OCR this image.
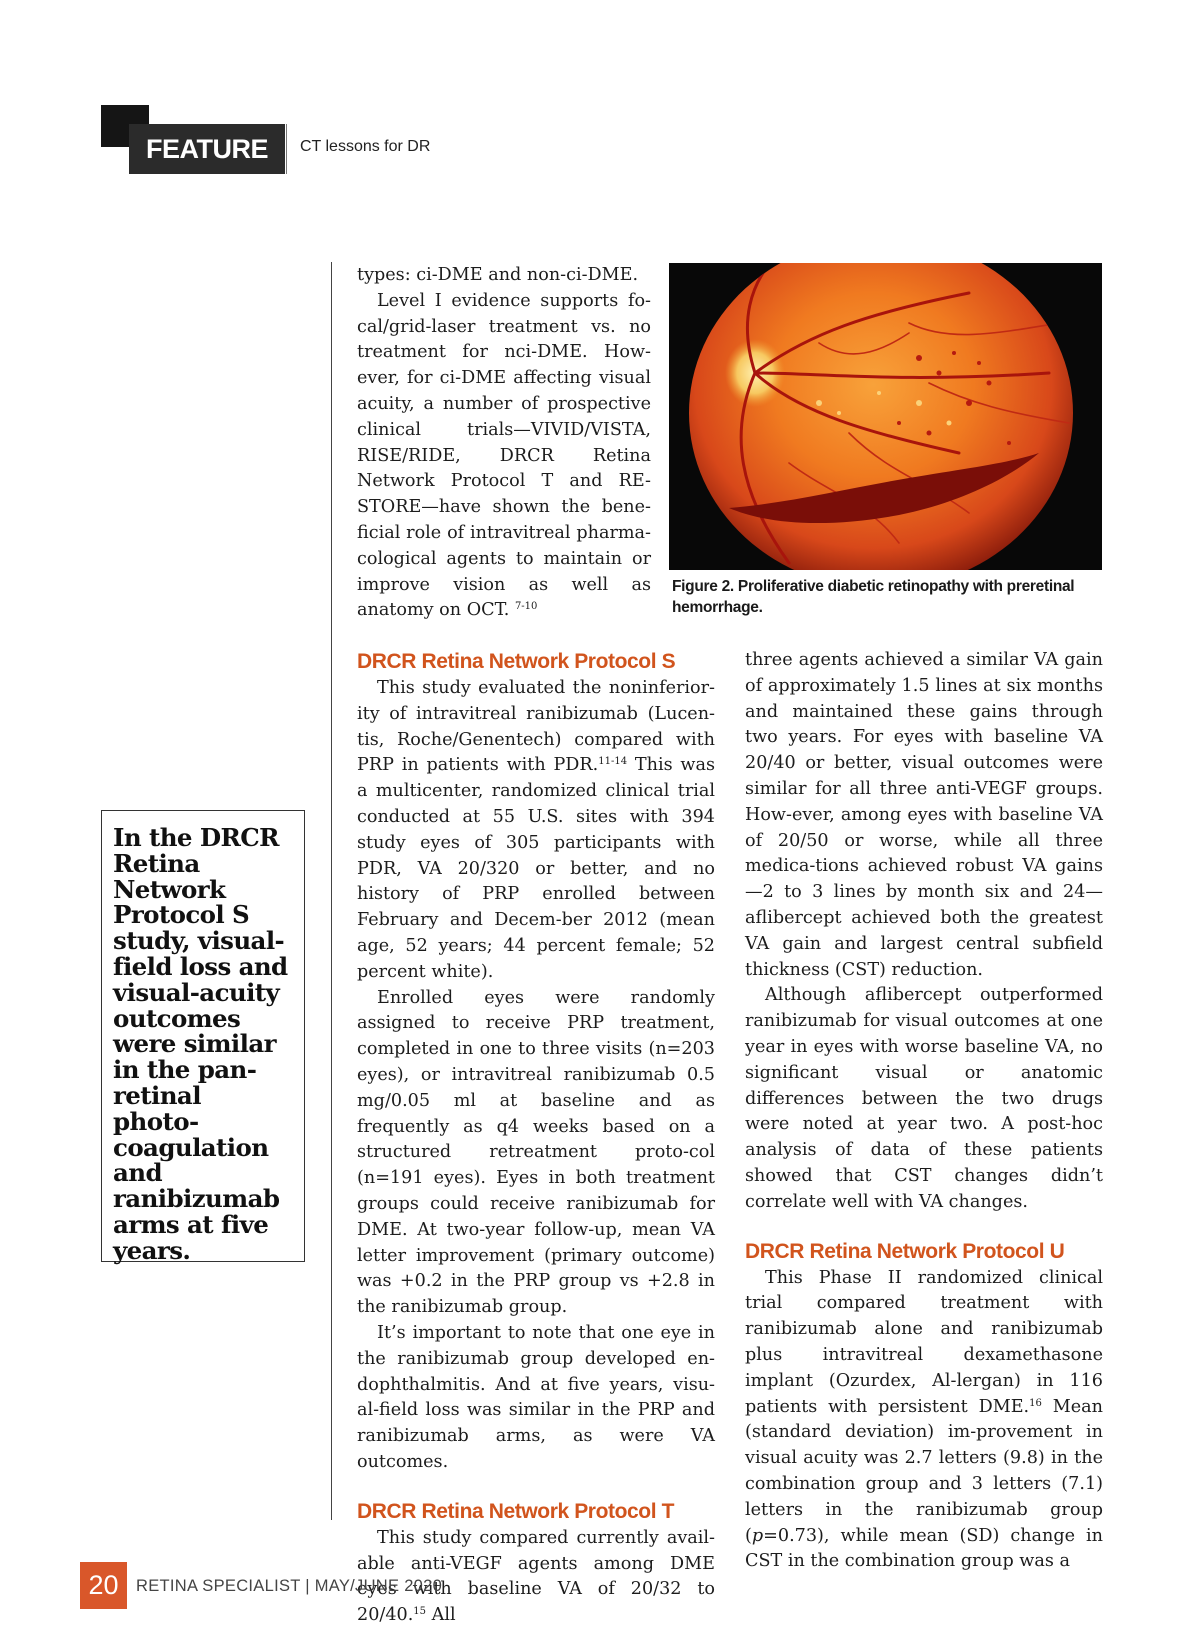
FEATURE	CT lessons for DR

types: ci-DME and non-ci-DME.

Level I evidence supports fo-cal/grid-laser treatment vs. no treatment for nci-DME. How-ever, for ci-DME affecting visual acuity, a number of prospective clinical trials—VIVID/VISTA, RISE/RIDE, DRCR Retina Network Protocol T and RE-STORE—have shown the bene-ficial role of intravitreal pharma-cological agents to maintain or improve vision as well as anatomy on OCT. $^{7-10}$

Figure 2. Proliferative diabetic retinopathy with preretinal hemorrhage.
In the DRCR
Retina
Network
Protocol S
study, visual-
field loss and
visual-acuity
outcomes
were similar
in the pan-
retinal photo-
coagulation
and
ranibizumab
arms at five
years.
DRCR Retina Network Protocol S

This study evaluated the noninferior-ity of intravitreal ranibizumab (Lucen-tis, Roche/Genentech) compared with PRP in patients with PDR.$^{11-14}$ This was a multicenter, randomized clinical trial conducted at 55 U.S. sites with 394 study eyes of 305 participants with PDR, VA 20/320 or better, and no history of PRP enrolled between February and Decem-ber 2012 (mean age, 52 years; 44 percent female; 52 percent white).

Enrolled eyes were randomly assigned to receive PRP treatment, completed in one to three visits (n=203 eyes), or intravitreal ranibizumab 0.5 mg/0.05 ml at baseline and as frequently as q4 weeks based on a structured retreatment proto-col (n=191 eyes). Eyes in both treatment groups could receive ranibizumab for DME. At two-year follow-up, mean VA letter improvement (primary outcome) was +0.2 in the PRP group vs +2.8 in the ranibizumab group.

It’s important to note that one eye in the ranibizumab group developed en-dophthalmitis. And at five years, visu-al-field loss was similar in the PRP and ranibizumab arms, as were VA outcomes.

DRCR Retina Network Protocol T

This study compared currently avail-able anti-VEGF agents among DME eyes with baseline VA of 20/32 to 20/40.15 All

three agents achieved a similar VA gain of approximately 1.5 lines at six months and maintained these gains through two years. For eyes with baseline VA 20/40 or better, visual outcomes were similar for all three anti-VEGF groups. How-ever, among eyes with baseline VA of 20/50 or worse, while all three medica-tions achieved robust VA gains—2 to 3 lines by month six and 24—aflibercept achieved both the greatest VA gain and largest central subfield thickness (CST) reduction.

Although aflibercept outperformed ranibizumab for visual outcomes at one year in eyes with worse baseline VA, no significant visual or anatomic differences between the two drugs were noted at year two. A post-hoc analysis of data of these patients showed that CST changes didn’t correlate well with VA changes.

DRCR Retina Network Protocol U

This Phase II randomized clinical trial compared treatment with ranibizumab alone and ranibizumab plus intravitreal dexamethasone implant (Ozurdex, Al-lergan) in 116 patients with persistent DME.$^{16}$ Mean (standard deviation) im-provement in visual acuity was 2.7 letters (9.8) in the combination group and 3 letters (7.1) letters in the ranibizumab group (p=0.73), while mean (SD) change in CST in the combination group was a

20	RETINA SPECIALIST | MAY/JUNE 2020
